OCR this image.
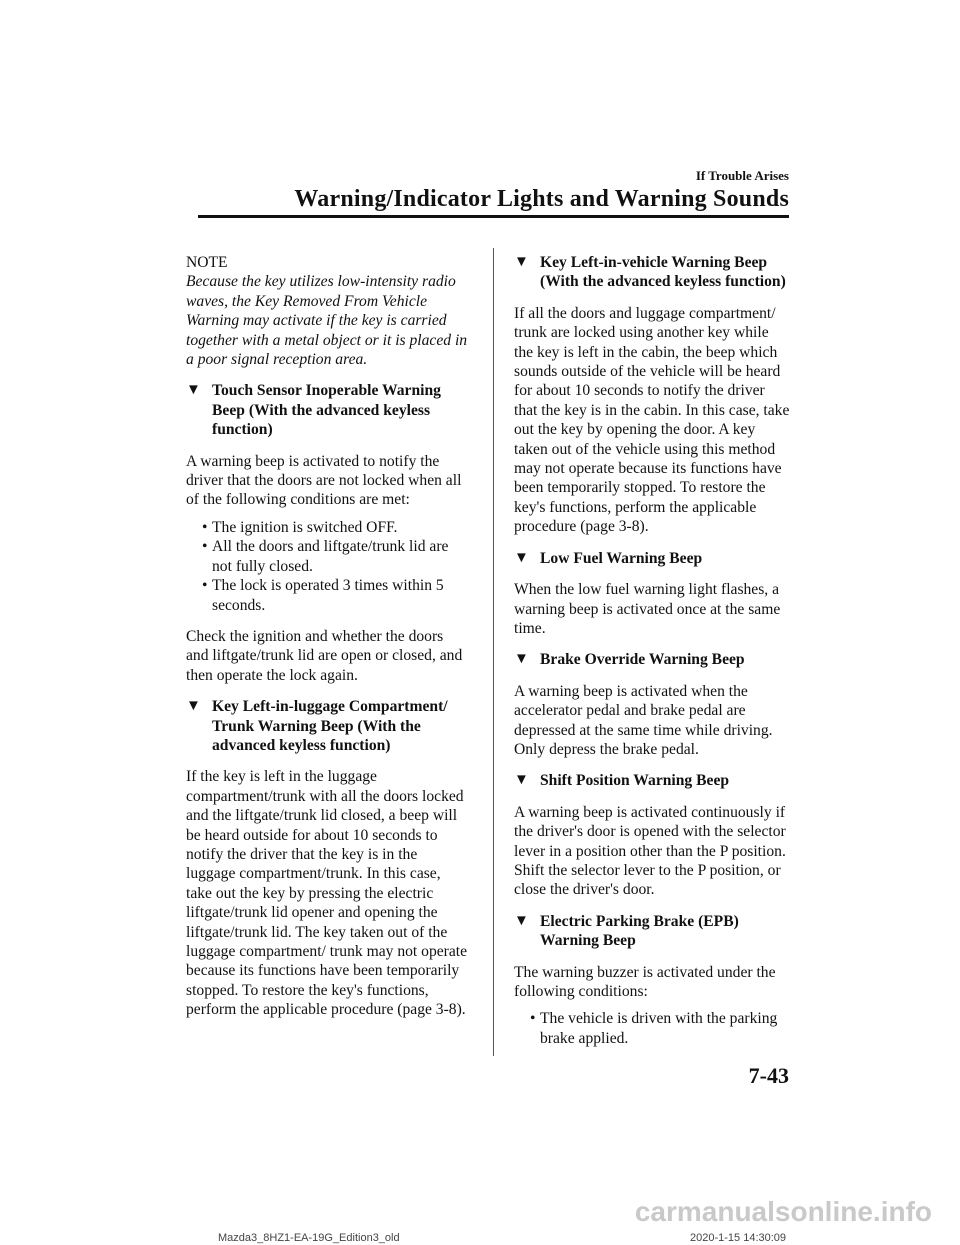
If Trouble Arises
Warning/Indicator Lights and Warning Sounds

NOTE
Because the key utilizes low-intensity radio waves, the Key Removed From Vehicle Warning may activate if the key is carried together with a metal object or it is placed in a poor signal reception area.

▼ Touch Sensor Inoperable Warning Beep (With the advanced keyless function)

A warning beep is activated to notify the driver that the doors are not locked when all of the following conditions are met:

• The ignition is switched OFF.
• All the doors and liftgate/trunk lid are not fully closed.
• The lock is operated 3 times within 5 seconds.

Check the ignition and whether the doors and liftgate/trunk lid are open or closed, and then operate the lock again.

▼ Key Left-in-luggage Compartment/ Trunk Warning Beep (With the advanced keyless function)

If the key is left in the luggage compartment/trunk with all the doors locked and the liftgate/trunk lid closed, a beep will be heard outside for about 10 seconds to notify the driver that the key is in the luggage compartment/trunk. In this case, take out the key by pressing the electric liftgate/trunk lid opener and opening the liftgate/trunk lid. The key taken out of the luggage compartment/ trunk may not operate because its functions have been temporarily stopped. To restore the key's functions, perform the applicable procedure (page 3-8).

▼ Key Left-in-vehicle Warning Beep (With the advanced keyless function)

If all the doors and luggage compartment/ trunk are locked using another key while the key is left in the cabin, the beep which sounds outside of the vehicle will be heard for about 10 seconds to notify the driver that the key is in the cabin. In this case, take out the key by opening the door. A key taken out of the vehicle using this method may not operate because its functions have been temporarily stopped. To restore the key's functions, perform the applicable procedure (page 3-8).

▼ Low Fuel Warning Beep

When the low fuel warning light flashes, a warning beep is activated once at the same time.

▼ Brake Override Warning Beep

A warning beep is activated when the accelerator pedal and brake pedal are depressed at the same time while driving. Only depress the brake pedal.

▼ Shift Position Warning Beep

A warning beep is activated continuously if the driver's door is opened with the selector lever in a position other than the P position. Shift the selector lever to the P position, or close the driver's door.

▼ Electric Parking Brake (EPB) Warning Beep

The warning buzzer is activated under the following conditions:

• The vehicle is driven with the parking brake applied.
7-43
Mazda3_8HZ1-EA-19G_Edition3_old	2020-1-15 14:30:09
carmanualsonline.info
